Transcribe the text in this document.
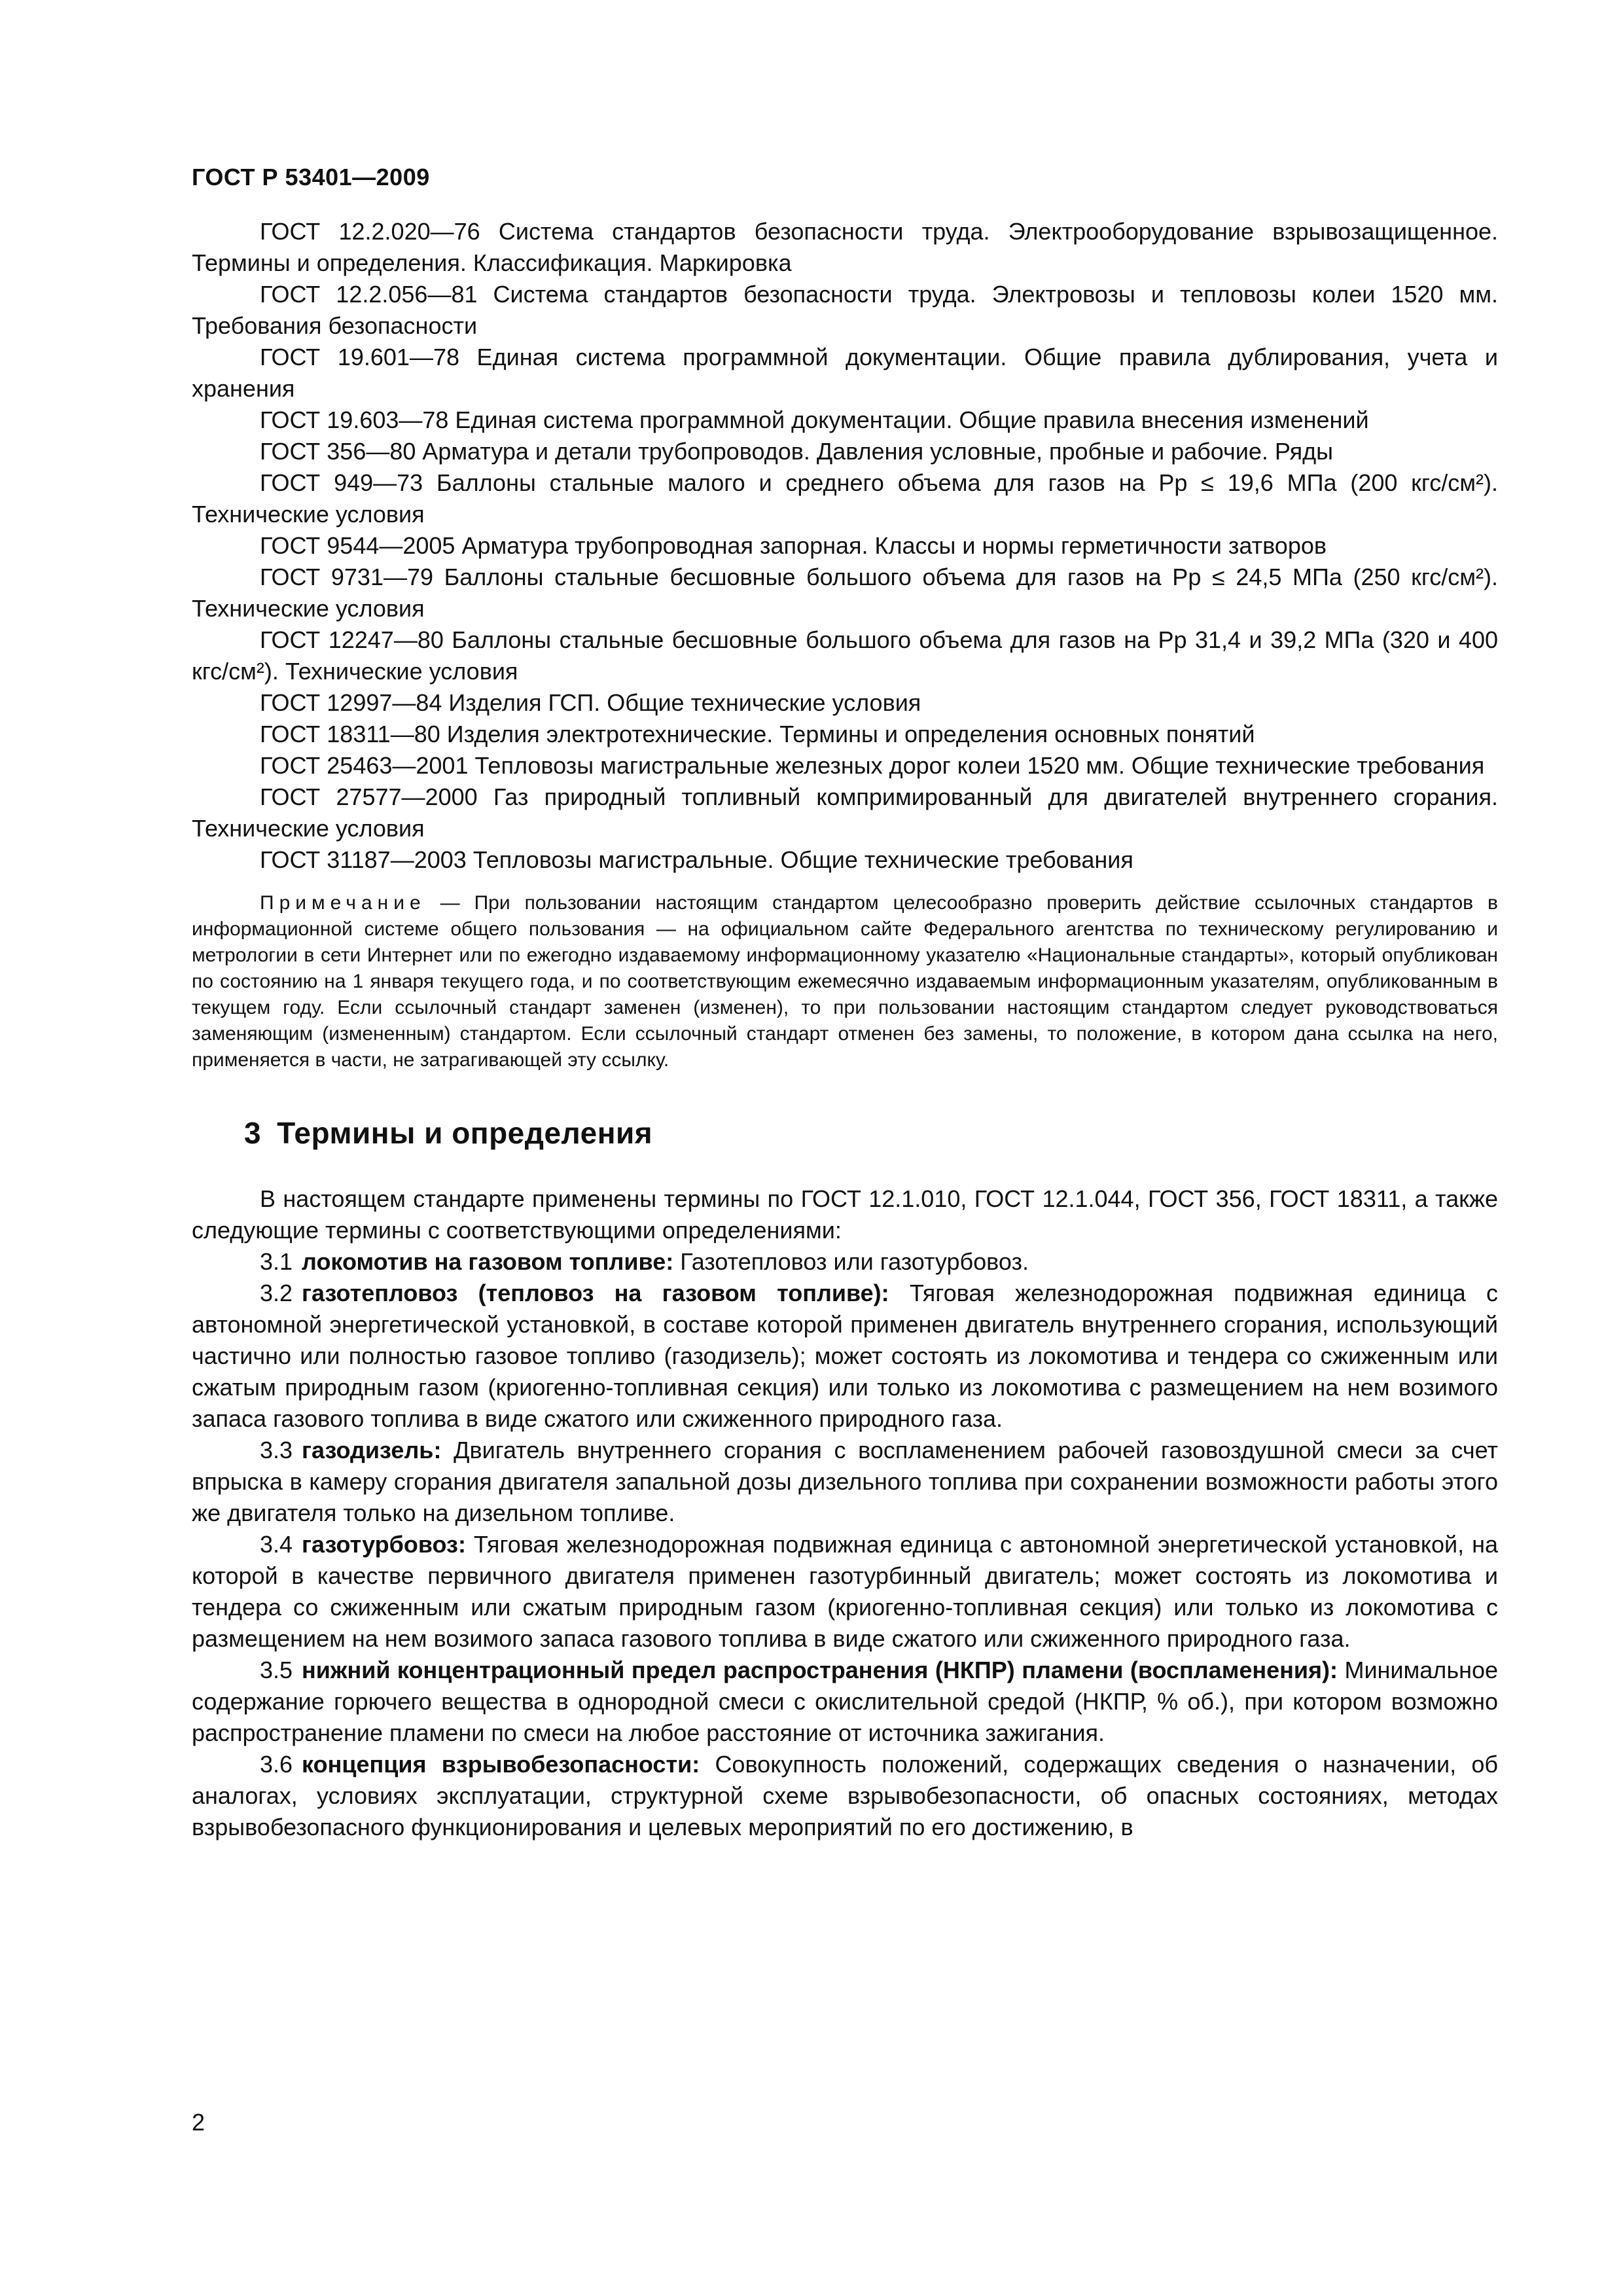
ГОСТ Р 53401—2009

ГОСТ 12.2.020—76 Система стандартов безопасности труда. Электрооборудование взрывозащищенное. Термины и определения. Классификация. Маркировка

ГОСТ 12.2.056—81 Система стандартов безопасности труда. Электровозы и тепловозы колеи 1520 мм. Требования безопасности

ГОСТ 19.601—78 Единая система программной документации. Общие правила дублирования, учета и хранения

ГОСТ 19.603—78 Единая система программной документации. Общие правила внесения изменений

ГОСТ 356—80 Арматура и детали трубопроводов. Давления условные, пробные и рабочие. Ряды

ГОСТ 949—73 Баллоны стальные малого и среднего объема для газов на Pр ≤ 19,6 МПа (200 кгс/см²). Технические условия

ГОСТ 9544—2005 Арматура трубопроводная запорная. Классы и нормы герметичности затворов

ГОСТ 9731—79 Баллоны стальные бесшовные большого объема для газов на Pр ≤ 24,5 МПа (250 кгс/см²). Технические условия

ГОСТ 12247—80 Баллоны стальные бесшовные большого объема для газов на Pр 31,4 и 39,2 МПа (320 и 400 кгс/см²). Технические условия

ГОСТ 12997—84 Изделия ГСП. Общие технические условия

ГОСТ 18311—80 Изделия электротехнические. Термины и определения основных понятий

ГОСТ 25463—2001 Тепловозы магистральные железных дорог колеи 1520 мм. Общие технические требования

ГОСТ 27577—2000 Газ природный топливный компримированный для двигателей внутреннего сгорания. Технические условия

ГОСТ 31187—2003 Тепловозы магистральные. Общие технические требования

Примечание — При пользовании настоящим стандартом целесообразно проверить действие ссылочных стандартов в информационной системе общего пользования — на официальном сайте Федерального агентства по техническому регулированию и метрологии в сети Интернет или по ежегодно издаваемому информационному указателю «Национальные стандарты», который опубликован по состоянию на 1 января текущего года, и по соответствующим ежемесячно издаваемым информационным указателям, опубликованным в текущем году. Если ссылочный стандарт заменен (изменен), то при пользовании настоящим стандартом следует руководствоваться заменяющим (измененным) стандартом. Если ссылочный стандарт отменен без замены, то положение, в котором дана ссылка на него, применяется в части, не затрагивающей эту ссылку.
3 Термины и определения

В настоящем стандарте применены термины по ГОСТ 12.1.010, ГОСТ 12.1.044, ГОСТ 356, ГОСТ 18311, а также следующие термины с соответствующими определениями:

3.1 локомотив на газовом топливе: Газотепловоз или газотурбовоз.

3.2 газотепловоз (тепловоз на газовом топливе): Тяговая железнодорожная подвижная единица с автономной энергетической установкой, в составе которой применен двигатель внутреннего сгорания, использующий частично или полностью газовое топливо (газодизель); может состоять из локомотива и тендера со сжиженным или сжатым природным газом (криогенно-топливная секция) или только из локомотива с размещением на нем возимого запаса газового топлива в виде сжатого или сжиженного природного газа.

3.3 газодизель: Двигатель внутреннего сгорания с воспламенением рабочей газовоздушной смеси за счет впрыска в камеру сгорания двигателя запальной дозы дизельного топлива при сохранении возможности работы этого же двигателя только на дизельном топливе.

3.4 газотурбовоз: Тяговая железнодорожная подвижная единица с автономной энергетической установкой, на которой в качестве первичного двигателя применен газотурбинный двигатель; может состоять из локомотива и тендера со сжиженным или сжатым природным газом (криогенно-топливная секция) или только из локомотива с размещением на нем возимого запаса газового топлива в виде сжатого или сжиженного природного газа.

3.5 нижний концентрационный предел распространения (НКПР) пламени (воспламенения): Минимальное содержание горючего вещества в однородной смеси с окислительной средой (НКПР, % об.), при котором возможно распространение пламени по смеси на любое расстояние от источника зажигания.

3.6 концепция взрывобезопасности: Совокупность положений, содержащих сведения о назначении, об аналогах, условиях эксплуатации, структурной схеме взрывобезопасности, об опасных состояниях, методах взрывобезопасного функционирования и целевых мероприятий по его достижению, в

2
